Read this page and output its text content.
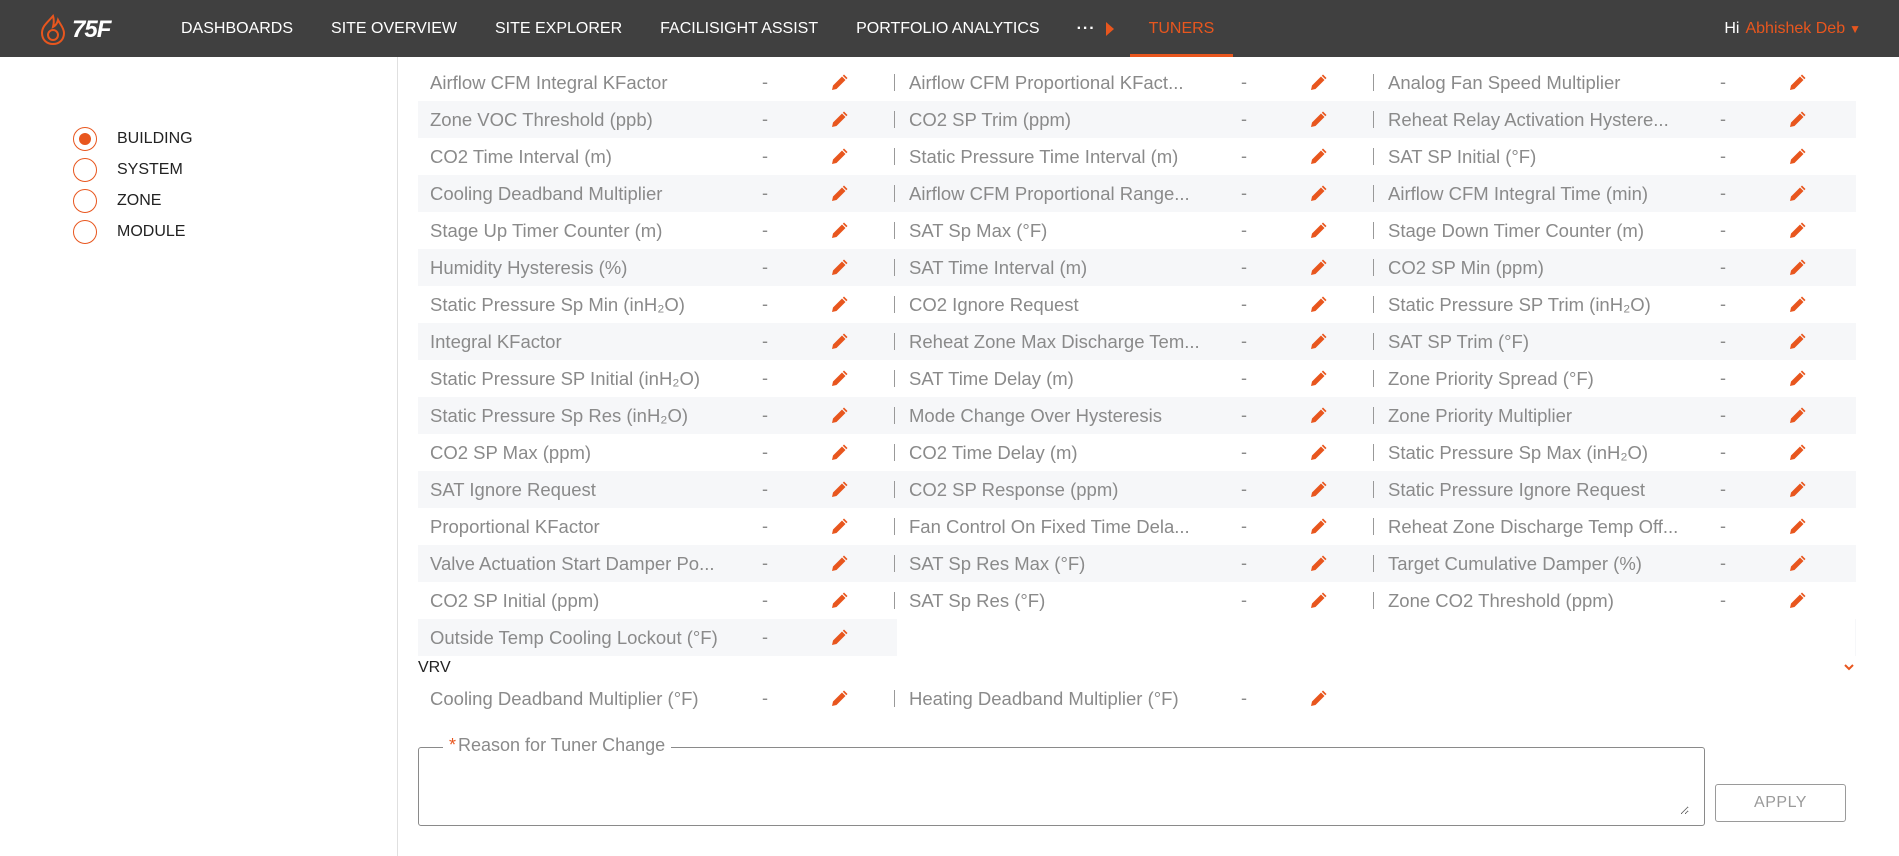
75F	DASHBOARDS	SITE OVERVIEW	SITE EXPLORER	FACILISIGHT ASSIST	PORTFOLIO ANALYTICS	···	TUNERS	Hi Abhishek Deb ▼
BUILDING
SYSTEM
ZONE
MODULE
Airflow CFM Integral KFactor	-	Airflow CFM Proportional KFact...	-	Analog Fan Speed Multiplier	-
Zone VOC Threshold (ppb)	-	CO2 SP Trim (ppm)	-	Reheat Relay Activation Hystere...	-
CO2 Time Interval (m)	-	Static Pressure Time Interval (m)	-	SAT SP Initial (°F)	-
Cooling Deadband Multiplier	-	Airflow CFM Proportional Range...	-	Airflow CFM Integral Time (min)	-
Stage Up Timer Counter (m)	-	SAT Sp Max (°F)	-	Stage Down Timer Counter (m)	-
Humidity Hysteresis (%)	-	SAT Time Interval (m)	-	CO2 SP Min (ppm)	-
Static Pressure Sp Min (inH₂O)	-	CO2 Ignore Request	-	Static Pressure SP Trim (inH₂O)	-
Integral KFactor	-	Reheat Zone Max Discharge Tem...	-	SAT SP Trim (°F)	-
Static Pressure SP Initial (inH₂O)	-	SAT Time Delay (m)	-	Zone Priority Spread (°F)	-
Static Pressure Sp Res (inH₂O)	-	Mode Change Over Hysteresis	-	Zone Priority Multiplier	-
CO2 SP Max (ppm)	-	CO2 Time Delay (m)	-	Static Pressure Sp Max (inH₂O)	-
SAT Ignore Request	-	CO2 SP Response (ppm)	-	Static Pressure Ignore Request	-
Proportional KFactor	-	Fan Control On Fixed Time Dela...	-	Reheat Zone Discharge Temp Off...	-
Valve Actuation Start Damper Po...	-	SAT Sp Res Max (°F)	-	Target Cumulative Damper (%)	-
CO2 SP Initial (ppm)	-	SAT Sp Res (°F)	-	Zone CO2 Threshold (ppm)	-
Outside Temp Cooling Lockout (°F)	-
VRV
Cooling Deadband Multiplier (°F)	-	Heating Deadband Multiplier (°F)	-
* Reason for Tuner Change
APPLY
